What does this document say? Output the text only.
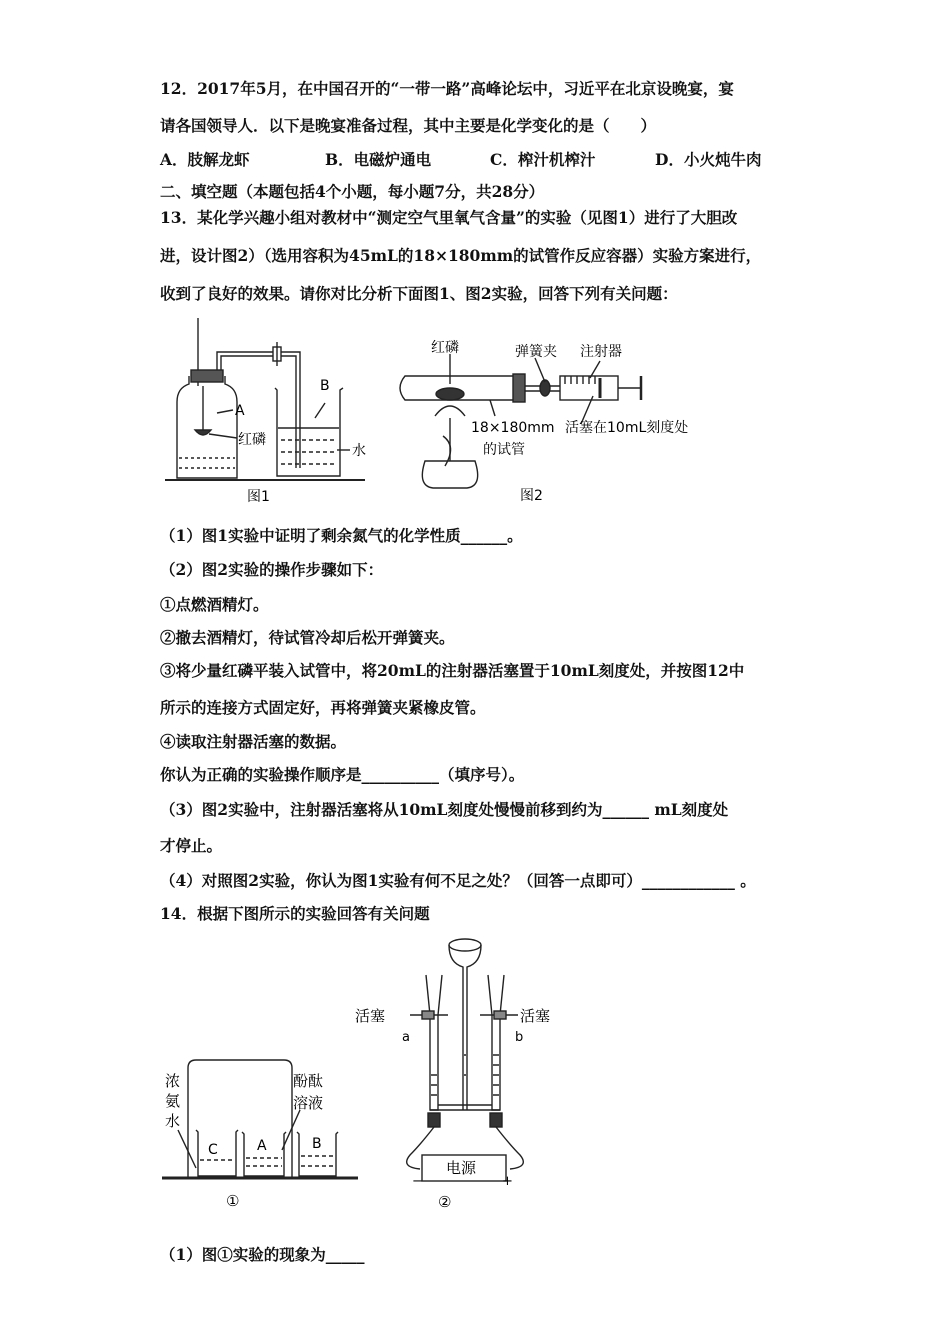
12．2017年5月，在中国召开的“一带一路”高峰论坛中，习近平在北京设晚宴，宴
请各国领导人．以下是晚宴准备过程，其中主要是化学变化的是（　　）
A．肢解龙虾	B．电磁炉通电	C．榨汁机榨汁	D．小火炖牛肉
二、填空题（本题包括4个小题，每小题7分，共28分）
13．某化学兴趣小组对教材中“测定空气里氧气含量”的实验（见图1）进行了大胆改
进，设计图2）（选用容积为45mL的18×180mm的试管作反应容器）实验方案进行，
收到了良好的效果。请你对比分析下面图1、图2实验，回答下列有关问题：
A
B
红磷
水
图1
红磷	弹簧夹 注射器
18×180mm
的试管
活塞在10mL刻度处
图2
（1）图1实验中证明了剩余氮气的化学性质______。
（2）图2实验的操作步骤如下：
①点燃酒精灯。
②撤去酒精灯，待试管冷却后松开弹簧夹。
③将少量红磷平装入试管中，将20mL的注射器活塞置于10mL刻度处，并按图12中
所示的连接方式固定好，再将弹簧夹紧橡皮管。
④读取注射器活塞的数据。
你认为正确的实验操作顺序是__________（填序号）。
（3）图2实验中，注射器活塞将从10mL刻度处慢慢前移到约为______ mL刻度处
才停止。
（4）对照图2实验，你认为图1实验有何不足之处？（回答一点即可）____________ 。
14．根据下图所示的实验回答有关问题
浓
氨
水
酚酞
溶液
C	A	B
①
活塞	活塞
a	b
电源
−	+
②
（1）图①实验的现象为_____
